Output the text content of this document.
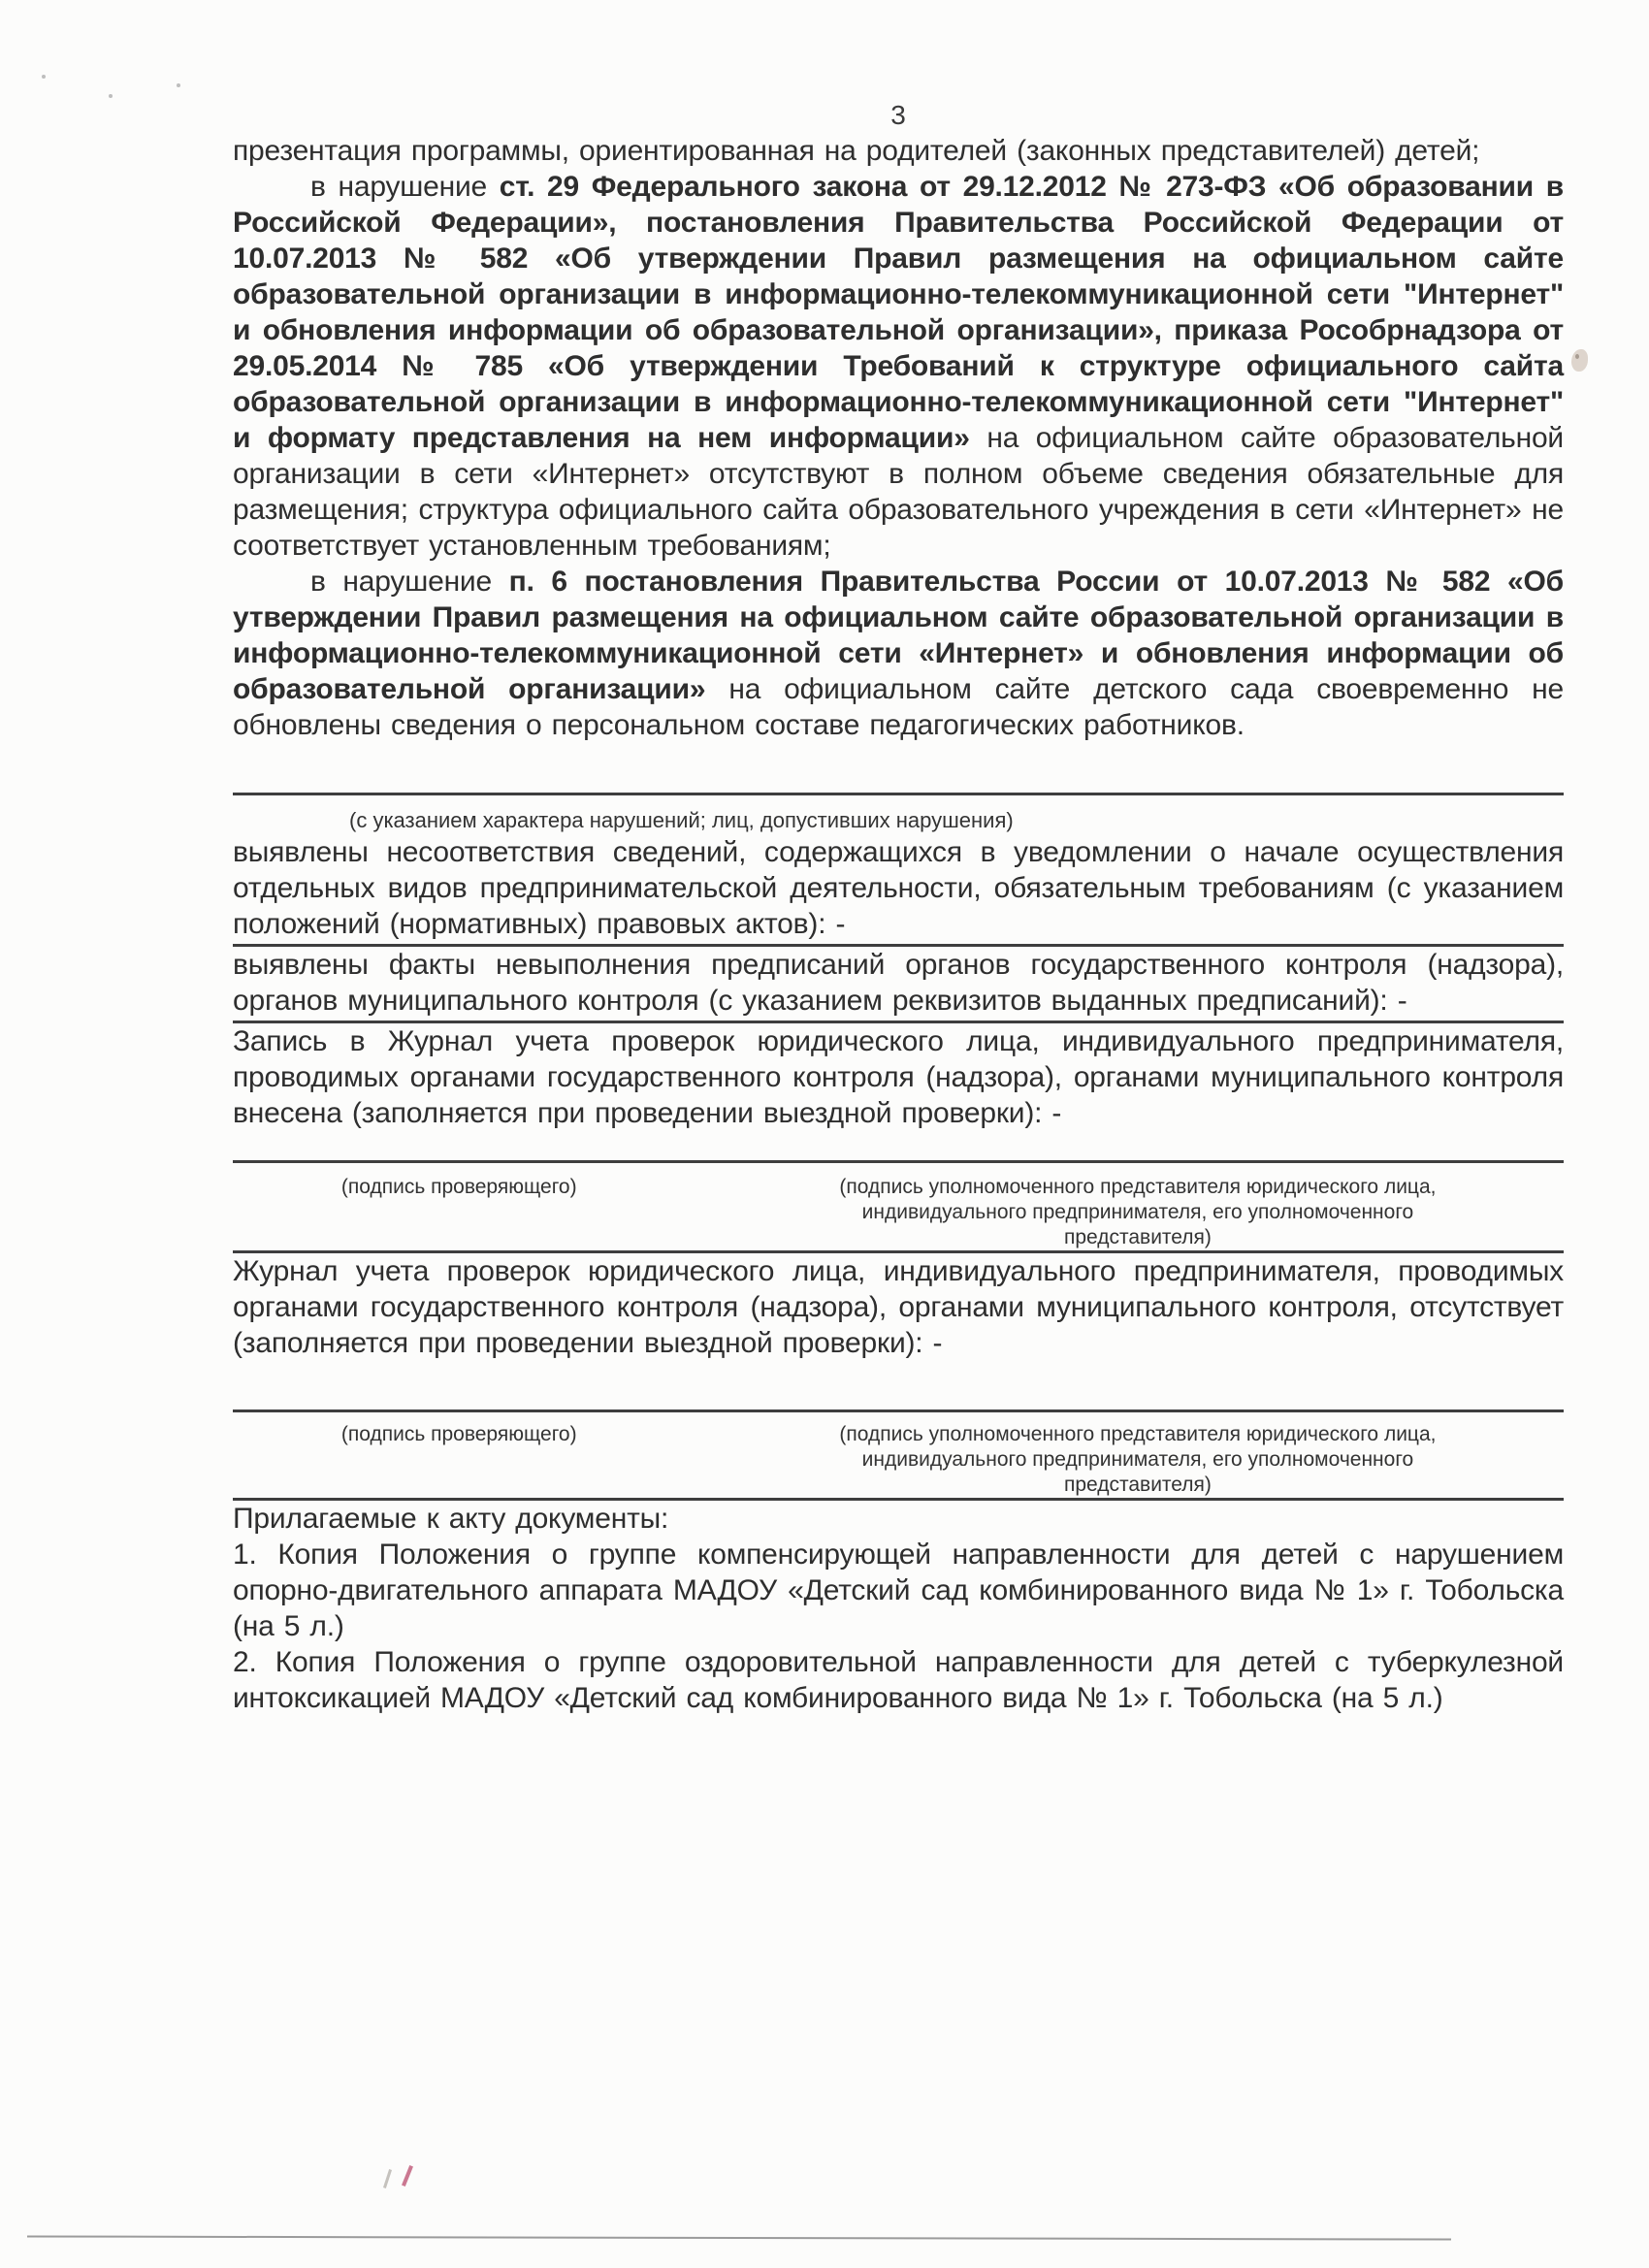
3

презентация программы, ориентированная на родителей (законных представителей) детей;

в нарушение ст. 29 Федерального закона от 29.12.2012 № 273-ФЗ «Об образовании в Российской Федерации», постановления Правительства Российской Федерации от 10.07.2013 № 582 «Об утверждении Правил размещения на официальном сайте образовательной организации в информационно-телекоммуникационной сети "Интернет" и обновления информации об образовательной организации», приказа Рособрнадзора от 29.05.2014 № 785 «Об утверждении Требований к структуре официального сайта образовательной организации в информационно-телекоммуникационной сети "Интернет" и формату представления на нем информации» на официальном сайте образовательной организации в сети «Интернет» отсутствуют в полном объеме сведения обязательные для размещения; структура официального сайта образовательного учреждения в сети «Интернет» не соответствует установленным требованиям;

в нарушение п. 6 постановления Правительства России от 10.07.2013 № 582 «Об утверждении Правил размещения на официальном сайте образовательной организации в информационно-телекоммуникационной сети «Интернет» и обновления информации об образовательной организации» на официальном сайте детского сада своевременно не обновлены сведения о персональном составе педагогических работников.

(с указанием характера нарушений; лиц, допустивших нарушения)

выявлены несоответствия сведений, содержащихся в уведомлении о начале осуществления отдельных видов предпринимательской деятельности, обязательным требованиям (с указанием положений (нормативных) правовых актов): -

выявлены факты невыполнения предписаний органов государственного контроля (надзора), органов муниципального контроля (с указанием реквизитов выданных предписаний): -

Запись в Журнал учета проверок юридического лица, индивидуального предпринимателя, проводимых органами государственного контроля (надзора), органами муниципального контроля внесена (заполняется при проведении выездной проверки): -

(подпись проверяющего)	(подпись уполномоченного представителя юридического лица,
индивидуального предпринимателя, его уполномоченного
представителя)

Журнал учета проверок юридического лица, индивидуального предпринимателя, проводимых органами государственного контроля (надзора), органами муниципального контроля, отсутствует (заполняется при проведении выездной проверки): -

(подпись проверяющего)	(подпись уполномоченного представителя юридического лица,
индивидуального предпринимателя, его уполномоченного
представителя)

Прилагаемые к акту документы:

1. Копия Положения о группе компенсирующей направленности для детей с нарушением опорно-двигательного аппарата МАДОУ «Детский сад комбинированного вида № 1» г. Тобольска (на 5 л.)

2. Копия Положения о группе оздоровительной направленности для детей с туберкулезной интоксикацией МАДОУ «Детский сад комбинированного вида № 1» г. Тобольска (на 5 л.)
